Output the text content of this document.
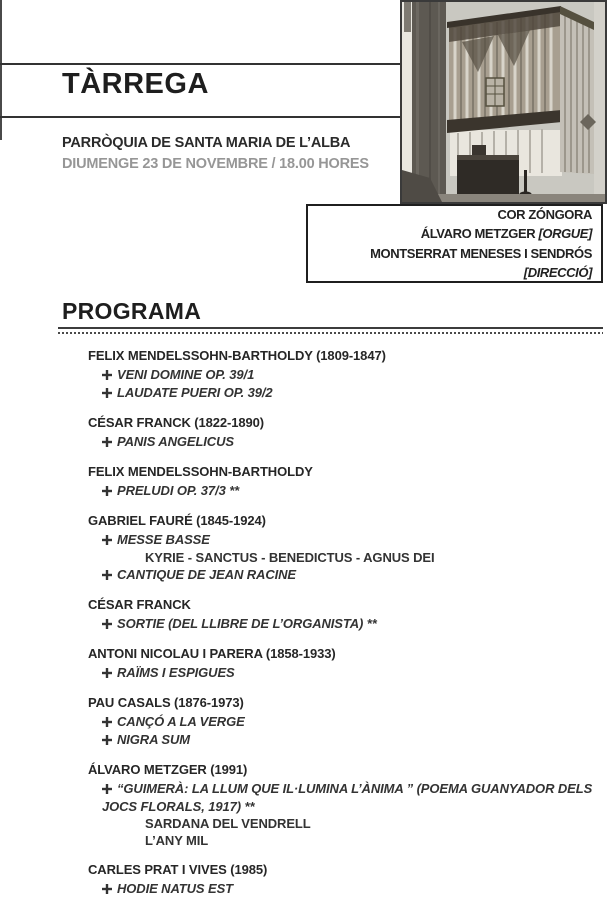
TÀRREGA
PARRÒQUIA DE SANTA MARIA DE L’ALBA
DIUMENGE 23 DE NOVEMBRE / 18.00 HORES
COR ZÓNGORA
ÁLVARO METZGER [ORGUE]
MONTSERRAT MENESES I SENDRÓS [DIRECCIÓ]
PROGRAMA
FELIX MENDELSSOHN-BARTHOLDY (1809-1847)
VENI DOMINE OP. 39/1
LAUDATE PUERI OP. 39/2
CÉSAR FRANCK (1822-1890)
PANIS ANGELICUS
FELIX MENDELSSOHN-BARTHOLDY
PRELUDI OP. 37/3 **
GABRIEL FAURÉ (1845-1924)
MESSE BASSE
KYRIE - SANCTUS - BENEDICTUS - AGNUS DEI
CANTIQUE DE JEAN RACINE
CÉSAR FRANCK
SORTIE (DEL LLIBRE DE L’ORGANISTA) **
ANTONI NICOLAU I PARERA (1858-1933)
RAÏMS I ESPIGUES
PAU CASALS (1876-1973)
CANÇÓ A LA VERGE
NIGRA SUM
ÁLVARO METZGER (1991)
“GUIMERÀ: LA LLUM QUE IL·LUMINA L’ÀNIMA ” (POEMA GUANYADOR DELS JOCS FLORALS, 1917) **
SARDANA DEL VENDRELL
L’ANY MIL
CARLES PRAT I VIVES (1985)
HODIE NATUS EST
